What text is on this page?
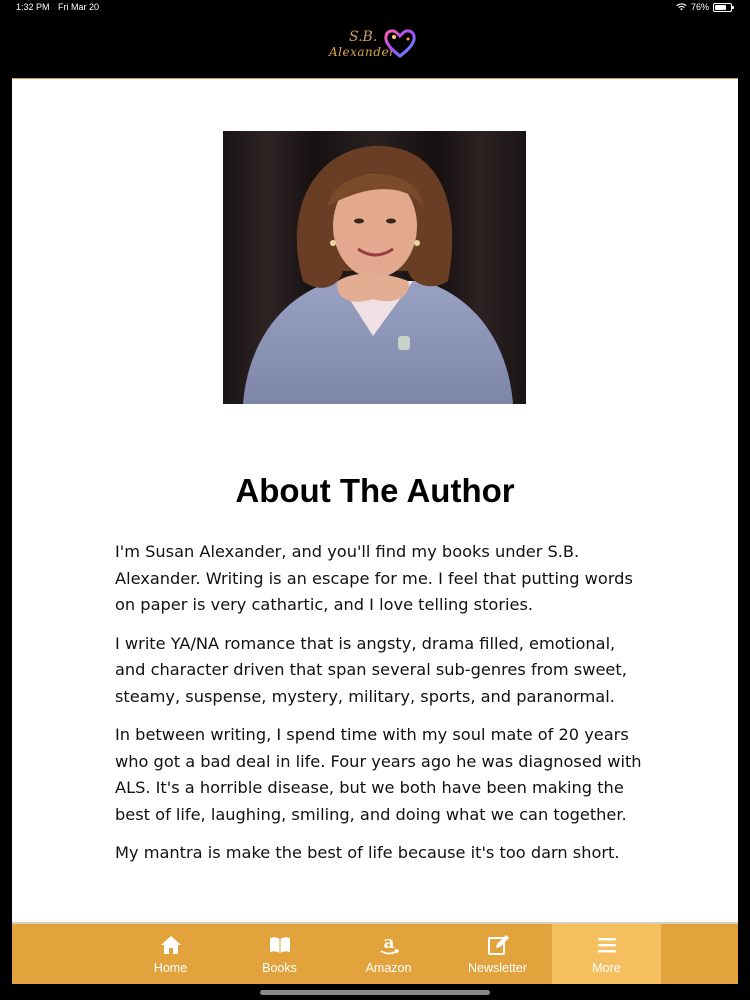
1:32 PM Fri Mar 20	76%
S.B.
Alexander
About The Author

I'm Susan Alexander, and you'll find my books under S.B. Alexander. Writing is an escape for me. I feel that putting words on paper is very cathartic, and I love telling stories.

I write YA/NA romance that is angsty, drama filled, emotional, and character driven that span several sub-genres from sweet, steamy, suspense, mystery, military, sports, and paranormal.

In between writing, I spend time with my soul mate of 20 years who got a bad deal in life. Four years ago he was diagnosed with ALS. It's a horrible disease, but we both have been making the best of life, laughing, smiling, and doing what we can together.

My mantra is make the best of life because it's too darn short.

Home	Books
a
Amazon	Newsletter	More
